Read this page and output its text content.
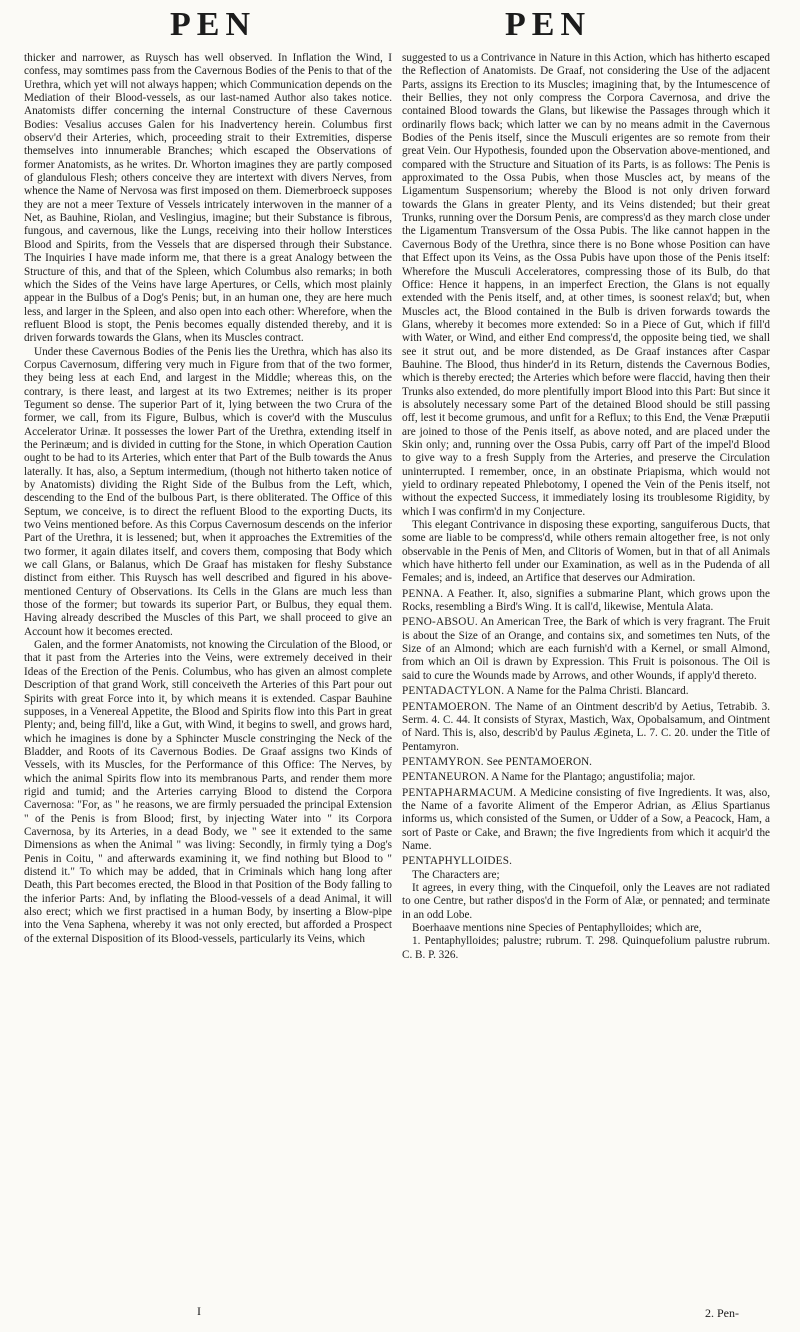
PEN	PEN

thicker and narrower, as Ruysch has well observed. In Inflation the Wind, I confess, may somtimes pass from the Cavernous Bodies of the Penis to that of the Urethra, which yet will not always happen; which Communication depends on the Mediation of their Blood-vessels, as our last-named Author also takes notice. Anatomists differ concerning the internal Constructure of these Cavernous Bodies: Vesalius accuses Galen for his Inadvertency herein. Columbus first observ'd their Arteries, which, proceeding strait to their Extremities, disperse themselves into innumerable Branches; which escaped the Observations of former Anatomists, as he writes. Dr. Whorton imagines they are partly composed of glandulous Flesh; others conceive they are intertext with divers Nerves, from whence the Name of Nervosa was first imposed on them. Diemerbroeck supposes they are not a meer Texture of Vessels intricately interwoven in the manner of a Net, as Bauhine, Riolan, and Veslingius, imagine; but their Substance is fibrous, fungous, and cavernous, like the Lungs, receiving into their hollow Interstices Blood and Spirits, from the Vessels that are dispersed through their Substance. The Inquiries I have made inform me, that there is a great Analogy between the Structure of this, and that of the Spleen, which Columbus also remarks; in both which the Sides of the Veins have large Apertures, or Cells, which most plainly appear in the Bulbus of a Dog's Penis; but, in an human one, they are here much less, and larger in the Spleen, and also open into each other: Wherefore, when the refluent Blood is stopt, the Penis becomes equally distended thereby, and it is driven forwards towards the Glans, when its Muscles contract.

Under these Cavernous Bodies of the Penis lies the Urethra, which has also its Corpus Cavernosum, differing very much in Figure from that of the two former, they being less at each End, and largest in the Middle; whereas this, on the contrary, is there least, and largest at its two Extremes; neither is its proper Tegument so dense. The superior Part of it, lying between the two Crura of the former, we call, from its Figure, Bulbus, which is cover'd with the Musculus Accelerator Urinæ. It possesses the lower Part of the Urethra, extending itself in the Perinæum; and is divided in cutting for the Stone, in which Operation Caution ought to be had to its Arteries, which enter that Part of the Bulb towards the Anus laterally. It has, also, a Septum intermedium, (though not hitherto taken notice of by Anatomists) dividing the Right Side of the Bulbus from the Left, which, descending to the End of the bulbous Part, is there obliterated. The Office of this Septum, we conceive, is to direct the refluent Blood to the exporting Ducts, its two Veins mentioned before. As this Corpus Cavernosum descends on the inferior Part of the Urethra, it is lessened; but, when it approaches the Extremities of the two former, it again dilates itself, and covers them, composing that Body which we call Glans, or Balanus, which De Graaf has mistaken for fleshy Substance distinct from either. This Ruysch has well described and figured in his above-mentioned Century of Observations. Its Cells in the Glans are much less than those of the former; but towards its superior Part, or Bulbus, they equal them. Having already described the Muscles of this Part, we shall proceed to give an Account how it becomes erected.

Galen, and the former Anatomists, not knowing the Circulation of the Blood, or that it past from the Arteries into the Veins, were extremely deceived in their Ideas of the Erection of the Penis. Columbus, who has given an almost complete Description of that grand Work, still conceiveth the Arteries of this Part pour out Spirits with great Force into it, by which means it is extended. Caspar Bauhine supposes, in a Venereal Appetite, the Blood and Spirits flow into this Part in great Plenty; and, being fill'd, like a Gut, with Wind, it begins to swell, and grows hard, which he imagines is done by a Sphincter Muscle constringing the Neck of the Bladder, and Roots of its Cavernous Bodies. De Graaf assigns two Kinds of Vessels, with its Muscles, for the Performance of this Office: The Nerves, by which the animal Spirits flow into its membranous Parts, and render them more rigid and tumid; and the Arteries carrying Blood to distend the Corpora Cavernosa: "For, as " he reasons, we are firmly persuaded the principal Extension " of the Penis is from Blood; first, by injecting Water into " its Corpora Cavernosa, by its Arteries, in a dead Body, we " see it extended to the same Dimensions as when the Animal " was living: Secondly, in firmly tying a Dog's Penis in Coitu, " and afterwards examining it, we find nothing but Blood to " distend it." To which may be added, that in Criminals which hang long after Death, this Part becomes erected, the Blood in that Position of the Body falling to the inferior Parts: And, by inflating the Blood-vessels of a dead Animal, it will also erect; which we first practised in a human Body, by inserting a Blow-pipe into the Vena Saphena, whereby it was not only erected, but afforded a Prospect of the external Disposition of its Blood-vessels, particularly its Veins, which

suggested to us a Contrivance in Nature in this Action, which has hitherto escaped the Reflection of Anatomists. De Graaf, not considering the Use of the adjacent Parts, assigns its Erection to its Muscles; imagining that, by the Intumescence of their Bellies, they not only compress the Corpora Cavernosa, and drive the contained Blood towards the Glans, but likewise the Passages through which it ordinarily flows back; which latter we can by no means admit in the Cavernous Bodies of the Penis itself, since the Musculi erigentes are so remote from their great Vein. Our Hypothesis, founded upon the Observation above-mentioned, and compared with the Structure and Situation of its Parts, is as follows: The Penis is approximated to the Ossa Pubis, when those Muscles act, by means of the Ligamentum Suspensorium; whereby the Blood is not only driven forward towards the Glans in greater Plenty, and its Veins distended; but their great Trunks, running over the Dorsum Penis, are compress'd as they march close under the Ligamentum Transversum of the Ossa Pubis. The like cannot happen in the Cavernous Body of the Urethra, since there is no Bone whose Position can have that Effect upon its Veins, as the Ossa Pubis have upon those of the Penis itself: Wherefore the Musculi Acceleratores, compressing those of its Bulb, do that Office: Hence it happens, in an imperfect Erection, the Glans is not equally extended with the Penis itself, and, at other times, is soonest relax'd; but, when Muscles act, the Blood contained in the Bulb is driven forwards towards the Glans, whereby it becomes more extended: So in a Piece of Gut, which if fill'd with Water, or Wind, and either End compress'd, the opposite being tied, we shall see it strut out, and be more distended, as De Graaf instances after Caspar Bauhine. The Blood, thus hinder'd in its Return, distends the Cavernous Bodies, which is thereby erected; the Arteries which before were flaccid, having then their Trunks also extended, do more plentifully import Blood into this Part: But since it is absolutely necessary some Part of the detained Blood should be still passing off, lest it become grumous, and unfit for a Reflux; to this End, the Venæ Præputii are joined to those of the Penis itself, as above noted, and are placed under the Skin only; and, running over the Ossa Pubis, carry off Part of the impel'd Blood to give way to a fresh Supply from the Arteries, and preserve the Circulation uninterrupted. I remember, once, in an obstinate Priapisma, which would not yield to ordinary repeated Phlebotomy, I opened the Vein of the Penis itself, not without the expected Success, it immediately losing its troublesome Rigidity, by which I was confirm'd in my Conjecture.

This elegant Contrivance in disposing these exporting, sanguiferous Ducts, that some are liable to be compress'd, while others remain altogether free, is not only observable in the Penis of Men, and Clitoris of Women, but in that of all Animals which have hitherto fell under our Examination, as well as in the Pudenda of all Females; and is, indeed, an Artifice that deserves our Admiration.

PENNA. A Feather. It, also, signifies a submarine Plant, which grows upon the Rocks, resembling a Bird's Wing. It is call'd, likewise, Mentula Alata.

PENO-ABSOU. An American Tree, the Bark of which is very fragrant. The Fruit is about the Size of an Orange, and contains six, and sometimes ten Nuts, of the Size of an Almond; which are each furnish'd with a Kernel, or small Almond, from which an Oil is drawn by Expression. This Fruit is poisonous. The Oil is said to cure the Wounds made by Arrows, and other Wounds, if apply'd thereto.

PENTADACTYLON. A Name for the Palma Christi. Blancard.

PENTAMOERON. The Name of an Ointment describ'd by Aetius, Tetrabib. 3. Serm. 4. C. 44. It consists of Styrax, Mastich, Wax, Opobalsamum, and Ointment of Nard. This is, also, describ'd by Paulus Ægineta, L. 7. C. 20. under the Title of Pentamyron.

PENTAMYRON. See PENTAMOERON.

PENTANEURON. A Name for the Plantago; angustifolia; major.

PENTAPHARMACUM. A Medicine consisting of five Ingredients. It was, also, the Name of a favorite Aliment of the Emperor Adrian, as Ælius Spartianus informs us, which consisted of the Sumen, or Udder of a Sow, a Peacock, Ham, a sort of Paste or Cake, and Brawn; the five Ingredients from which it acquir'd the Name.

PENTAPHYLLOIDES.

The Characters are;

It agrees, in every thing, with the Cinquefoil, only the Leaves are not radiated to one Centre, but rather dispos'd in the Form of Alæ, or pennated; and terminate in an odd Lobe.

Boerhaave mentions nine Species of Pentaphylloides; which are,

1. Pentaphylloides; palustre; rubrum. T. 298. Quinquefolium palustre rubrum. C. B. P. 326.

I	2. Pen-
